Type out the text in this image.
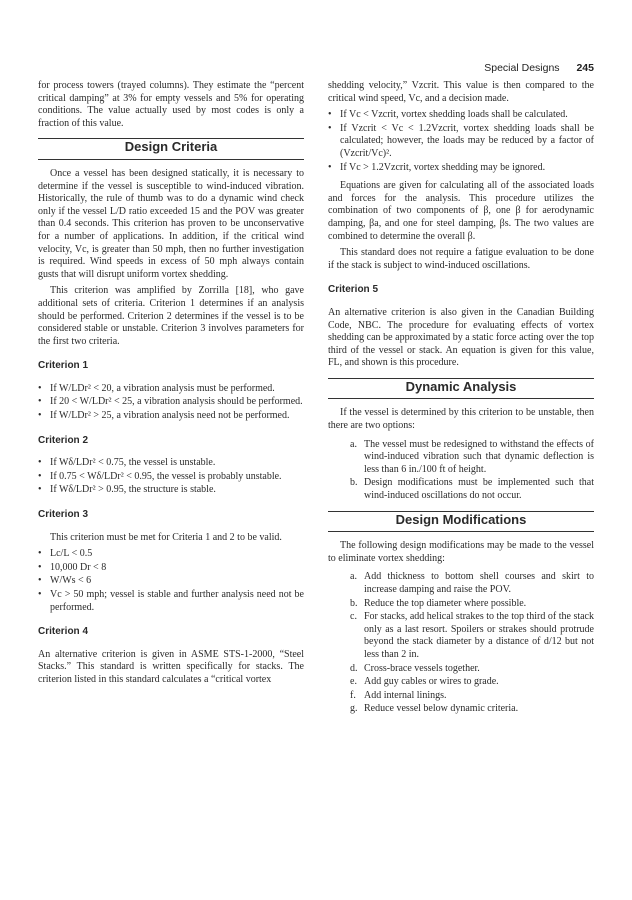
Special Designs 245

for process towers (trayed columns). They estimate the “percent critical damping” at 3% for empty vessels and 5% for operating conditions. The value actually used by most codes is only a fraction of this value.

Design Criteria

Once a vessel has been designed statically, it is necessary to determine if the vessel is susceptible to wind-induced vibration. Historically, the rule of thumb was to do a dynamic wind check only if the vessel L/D ratio exceeded 15 and the POV was greater than 0.4 seconds. This criterion has proven to be unconservative for a number of applications. In addition, if the critical wind velocity, Vc, is greater than 50 mph, then no further investigation is required. Wind speeds in excess of 50 mph always contain gusts that will disrupt uniform vortex shedding.

This criterion was amplified by Zorrilla [18], who gave additional sets of criteria. Criterion 1 determines if an analysis should be performed. Criterion 2 determines if the vessel is to be considered stable or unstable. Criterion 3 involves parameters for the first two criteria.

Criterion 1
• If W/LDr² < 20, a vibration analysis must be performed.
• If 20 < W/LDr² < 25, a vibration analysis should be performed.
• If W/LDr² > 25, a vibration analysis need not be performed.
Criterion 2
• If Wδ/LDr² < 0.75, the vessel is unstable.
• If 0.75 < Wδ/LDr² < 0.95, the vessel is probably unstable.
• If Wδ/LDr² > 0.95, the structure is stable.
Criterion 3

This criterion must be met for Criteria 1 and 2 to be valid.

• Lc/L < 0.5
• 10,000 Dr < 8
• W/Ws < 6
• Vc > 50 mph; vessel is stable and further analysis need not be performed.
Criterion 4

An alternative criterion is given in ASME STS-1-2000, “Steel Stacks.” This standard is written specifically for stacks. The criterion listed in this standard calculates a “critical vortex

shedding velocity,” Vzcrit. This value is then compared to the critical wind speed, Vc, and a decision made.

• If Vc < Vzcrit, vortex shedding loads shall be calculated.
• If Vzcrit < Vc < 1.2Vzcrit, vortex shedding loads shall be calculated; however, the loads may be reduced by a factor of (Vzcrit/Vc)².
• If Vc > 1.2Vzcrit, vortex shedding may be ignored.

Equations are given for calculating all of the associated loads and forces for the analysis. This procedure utilizes the combination of two components of β, one β for aerodynamic damping, βa, and one for steel damping, βs. The two values are combined to determine the overall β.

This standard does not require a fatigue evaluation to be done if the stack is subject to wind-induced oscillations.

Criterion 5

An alternative criterion is also given in the Canadian Building Code, NBC. The procedure for evaluating effects of vortex shedding can be approximated by a static force acting over the top third of the vessel or stack. An equation is given for this value, FL, and shown is this procedure.

Dynamic Analysis

If the vessel is determined by this criterion to be unstable, then there are two options:

a. The vessel must be redesigned to withstand the effects of wind-induced vibration such that dynamic deflection is less than 6 in./100 ft of height.
b. Design modifications must be implemented such that wind-induced oscillations do not occur.
Design Modifications

The following design modifications may be made to the vessel to eliminate vortex shedding:

a. Add thickness to bottom shell courses and skirt to increase damping and raise the POV.
b. Reduce the top diameter where possible.
c. For stacks, add helical strakes to the top third of the stack only as a last resort. Spoilers or strakes should protrude beyond the stack diameter by a distance of d/12 but not less than 2 in.
d. Cross-brace vessels together.
e. Add guy cables or wires to grade.
f. Add internal linings.
g. Reduce vessel below dynamic criteria.
